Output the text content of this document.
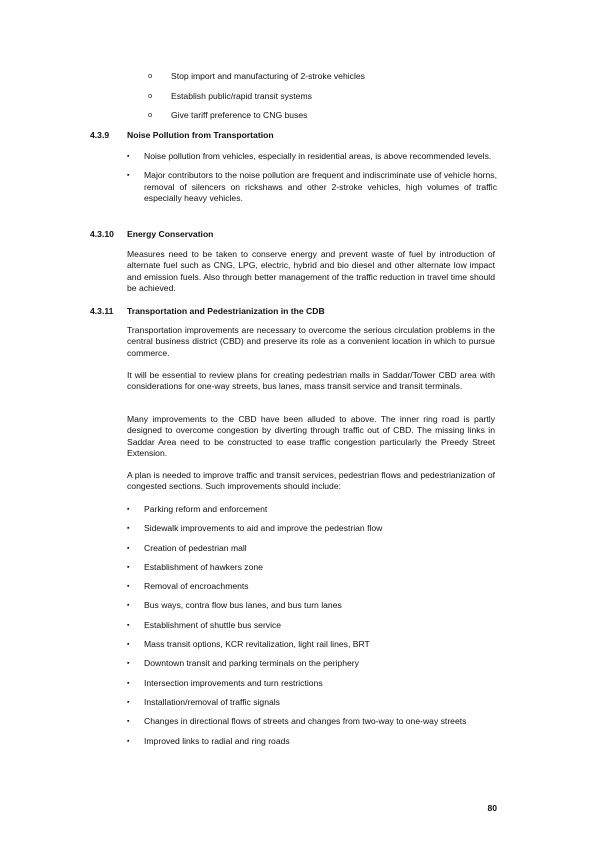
o	Stop import and manufacturing of 2-stroke vehicles
o	Establish public/rapid transit systems
o	Give tariff preference to CNG buses
4.3.9 Noise Pollution from Transportation
▪	Noise pollution from vehicles, especially in residential areas, is above recommended levels.
▪	Major contributors to the noise pollution are frequent and indiscriminate use of vehicle horns, removal of silencers on rickshaws and other 2-stroke vehicles, high volumes of traffic especially heavy vehicles.
4.3.10 Energy Conservation
Measures need to be taken to conserve energy and prevent waste of fuel by introduction of alternate fuel such as CNG, LPG, electric, hybrid and bio diesel and other alternate low impact and emission fuels. Also through better management of the traffic reduction in travel time should be achieved.
4.3.11 Transportation and Pedestrianization in the CDB
Transportation improvements are necessary to overcome the serious circulation problems in the central business district (CBD) and preserve its role as a convenient location in which to pursue commerce.
It will be essential to review plans for creating pedestrian malls in Saddar/Tower CBD area with considerations for one-way streets, bus lanes, mass transit service and transit terminals.
Many improvements to the CBD have been alluded to above. The inner ring road is partly designed to overcome congestion by diverting through traffic out of CBD. The missing links in Saddar Area need to be constructed to ease traffic congestion particularly the Preedy Street Extension.
A plan is needed to improve traffic and transit services, pedestrian flows and pedestrianization of congested sections. Such improvements should include:
▪	Parking reform and enforcement
▪	Sidewalk improvements to aid and improve the pedestrian flow
▪	Creation of pedestrian mall
▪	Establishment of hawkers zone
▪	Removal of encroachments
▪	Bus ways, contra flow bus lanes, and bus turn lanes
▪	Establishment of shuttle bus service
▪	Mass transit options, KCR revitalization, light rail lines, BRT
▪	Downtown transit and parking terminals on the periphery
▪	Intersection improvements and turn restrictions
▪	Installation/removal of traffic signals
▪	Changes in directional flows of streets and changes from two-way to one-way streets
▪	Improved links to radial and ring roads
80
